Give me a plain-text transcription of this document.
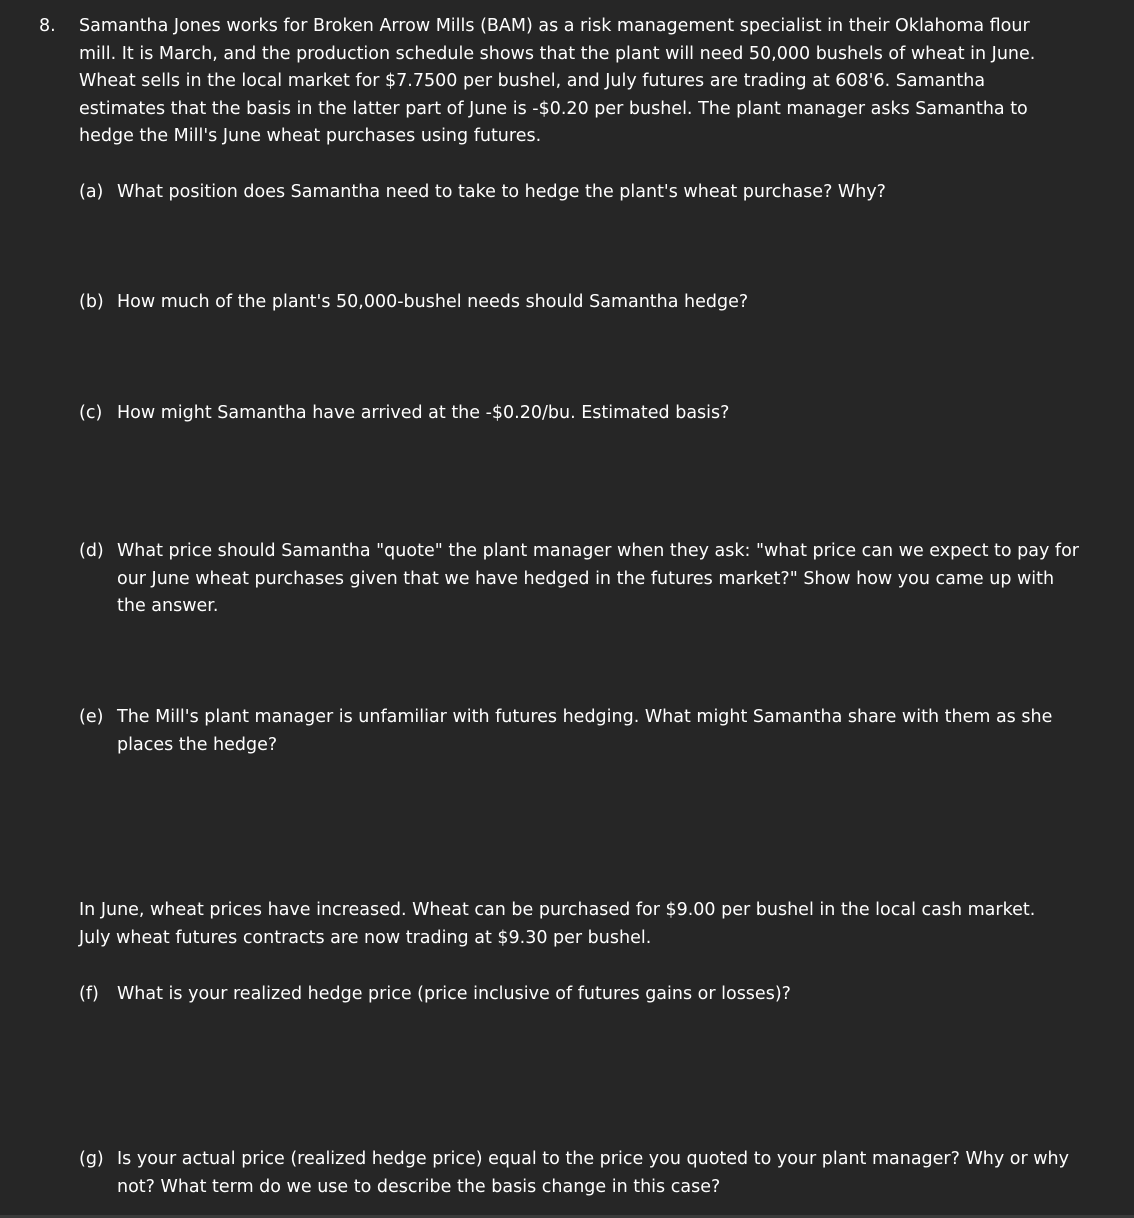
8. Samantha Jones works for Broken Arrow Mills (BAM) as a risk management specialist in their Oklahoma flour mill. It is March, and the production schedule shows that the plant will need 50,000 bushels of wheat in June. Wheat sells in the local market for $7.7500 per bushel, and July futures are trading at 608'6. Samantha estimates that the basis in the latter part of June is -$0.20 per bushel. The plant manager asks Samantha to hedge the Mill's June wheat purchases using futures.

(a) What position does Samantha need to take to hedge the plant's wheat purchase? Why?
(b) How much of the plant's 50,000-bushel needs should Samantha hedge?
(c) How might Samantha have arrived at the -$0.20/bu. Estimated basis?
(d) What price should Samantha "quote" the plant manager when they ask: "what price can we expect to pay for our June wheat purchases given that we have hedged in the futures market?" Show how you came up with the answer.
(e) The Mill's plant manager is unfamiliar with futures hedging. What might Samantha share with them as she places the hedge?

In June, wheat prices have increased. Wheat can be purchased for $9.00 per bushel in the local cash market. July wheat futures contracts are now trading at $9.30 per bushel.

(f)	What is your realized hedge price (price inclusive of futures gains or losses)?
(g) Is your actual price (realized hedge price) equal to the price you quoted to your plant manager? Why or why not? What term do we use to describe the basis change in this case?
